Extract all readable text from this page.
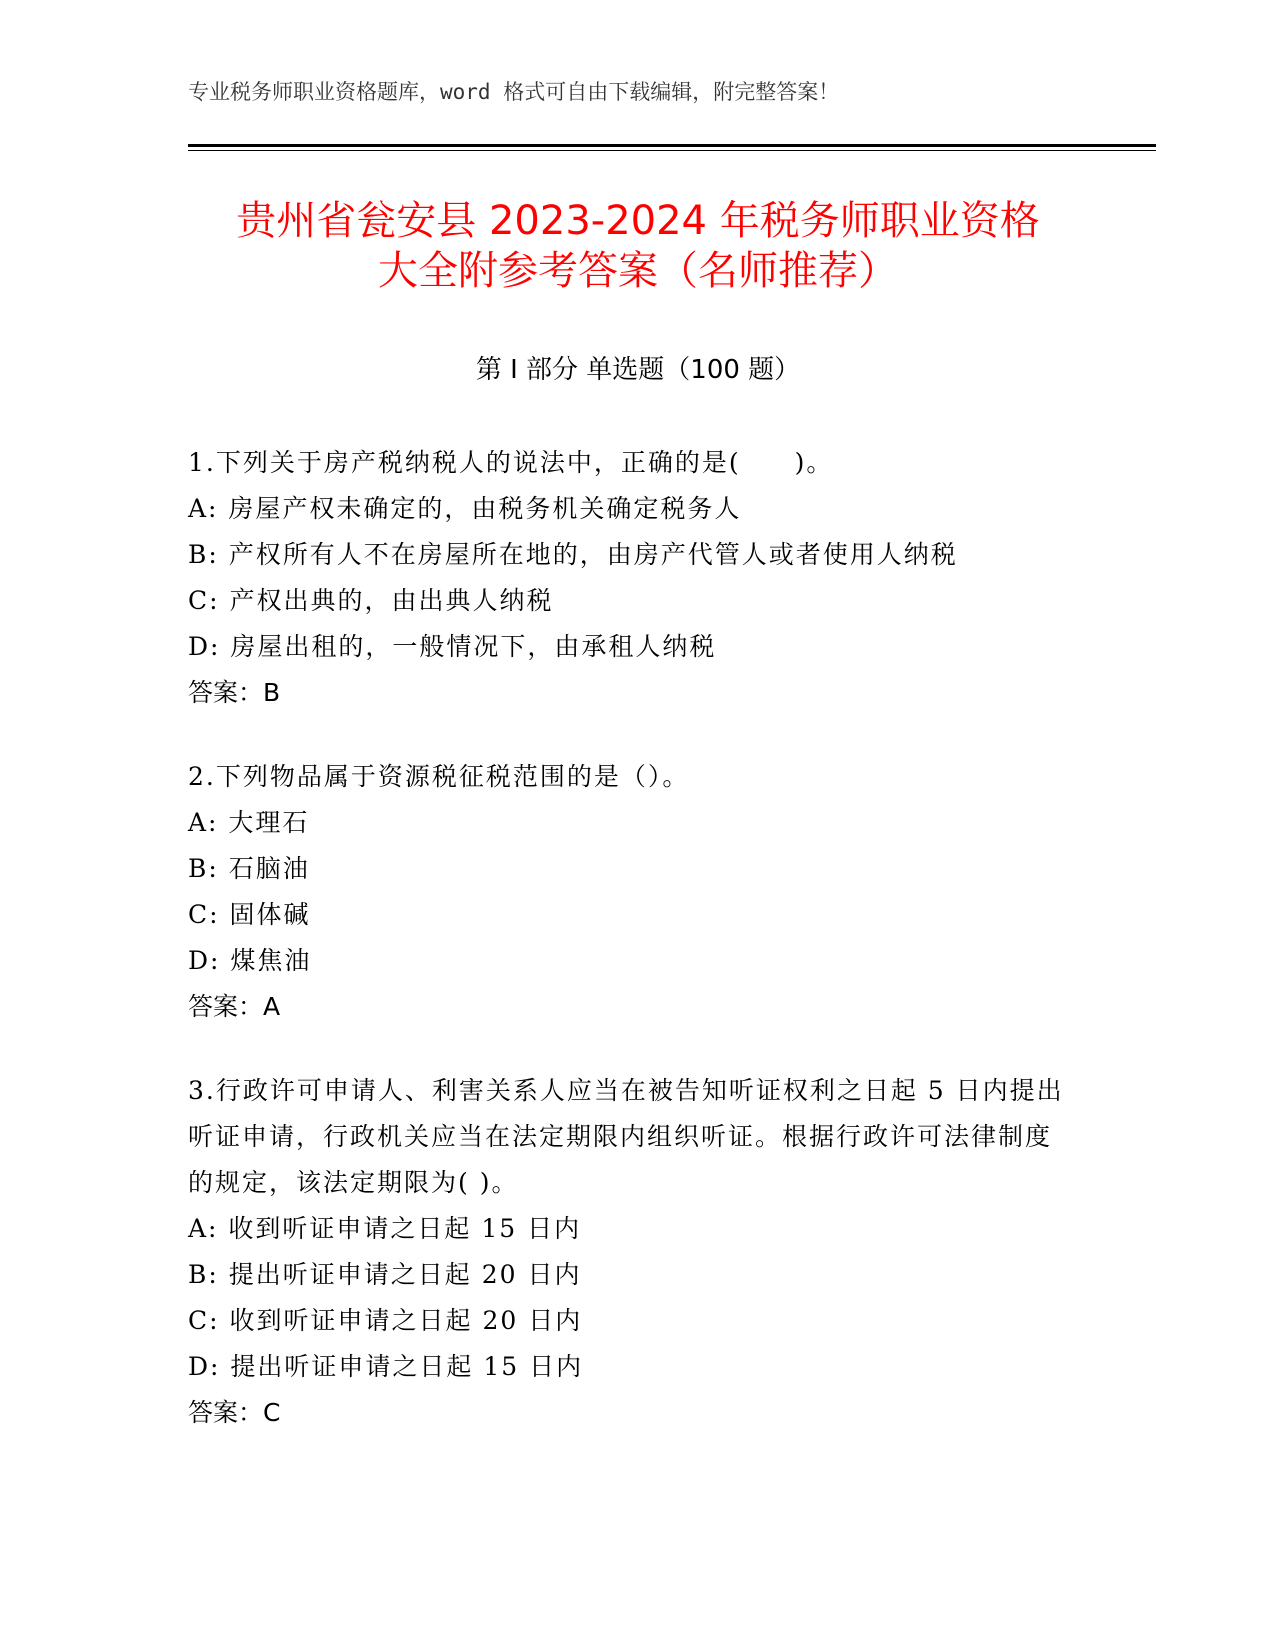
专业税务师职业资格题库，word 格式可自由下载编辑，附完整答案！
贵州省瓮安县 2023-2024 年税务师职业资格
大全附参考答案（名师推荐）
第 I 部分 单选题（100 题）
1.下列关于房产税纳税人的说法中，正确的是(　　)。
A: 房屋产权未确定的，由税务机关确定税务人
B: 产权所有人不在房屋所在地的，由房产代管人或者使用人纳税
C: 产权出典的，由出典人纳税
D: 房屋出租的，一般情况下，由承租人纳税
答案：B
2.下列物品属于资源税征税范围的是（）。
A: 大理石
B: 石脑油
C: 固体碱
D: 煤焦油
答案：A
3.行政许可申请人、利害关系人应当在被告知听证权利之日起 5 日内提出听证申请，行政机关应当在法定期限内组织听证。根据行政许可法律制度的规定，该法定期限为( )。
A: 收到听证申请之日起 15 日内
B: 提出听证申请之日起 20 日内
C: 收到听证申请之日起 20 日内
D: 提出听证申请之日起 15 日内
答案：C
